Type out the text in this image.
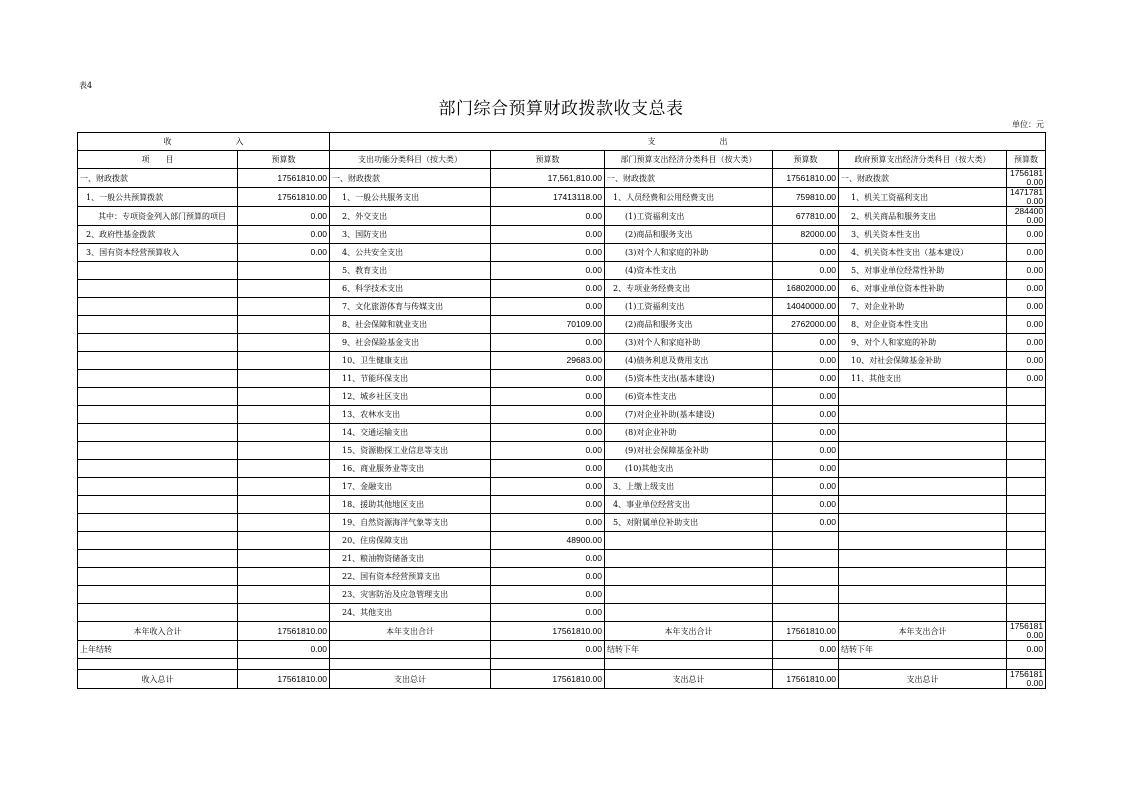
表4
部门综合预算财政拨款收支总表
单位：元
收　　　　　　　　入		支　　　　　　　　出					
项　　目	预算数	支出功能分类科目（按大类）	预算数	部门预算支出经济分类科目（按大类）	预算数	政府预算支出经济分类科目（按大类）	预算数
一、财政拨款	17561810.00	一、财政拨款	17,561,810.00	一、财政拨款	17561810.00	一、财政拨款	17561810.00
1、一般公共预算拨款	17561810.00	1、一般公共服务支出	17413118.00	1、人员经费和公用经费支出	759810.00	1、机关工资福利支出	14717810.00
其中：专项资金列入部门预算的项目	0.00	2、外交支出	0.00	(1)工资福利支出	677810.00	2、机关商品和服务支出	2844000.00
2、政府性基金拨款	0.00	3、国防支出	0.00	(2)商品和服务支出	82000.00	3、机关资本性支出	0.00
3、国有资本经营预算收入	0.00	4、公共安全支出	0.00	(3)对个人和家庭的补助	0.00	4、机关资本性支出（基本建设）	0.00
		5、教育支出	0.00	(4)资本性支出	0.00	5、对事业单位经常性补助	0.00
		6、科学技术支出	0.00	2、专项业务经费支出	16802000.00	6、对事业单位资本性补助	0.00
		7、文化旅游体育与传媒支出	0.00	(1)工资福利支出	14040000.00	7、对企业补助	0.00
		8、社会保障和就业支出	70109.00	(2)商品和服务支出	2762000.00	8、对企业资本性支出	0.00
		9、社会保险基金支出	0.00	(3)对个人和家庭补助	0.00	9、对个人和家庭的补助	0.00
		10、卫生健康支出	29683.00	(4)债务利息及费用支出	0.00	10、对社会保障基金补助	0.00
		11、节能环保支出	0.00	(5)资本性支出(基本建设)	0.00	11、其他支出	0.00
		12、城乡社区支出	0.00	(6)资本性支出	0.00		
		13、农林水支出	0.00	(7)对企业补助(基本建设)	0.00		
		14、交通运输支出	0.00	(8)对企业补助	0.00		
		15、资源勘探工业信息等支出	0.00	(9)对社会保障基金补助	0.00		
		16、商业服务业等支出	0.00	(10)其他支出	0.00		
		17、金融支出	0.00	3、上缴上级支出	0.00		
		18、援助其他地区支出	0.00	4、事业单位经营支出	0.00		
		19、自然资源海洋气象等支出	0.00	5、对附属单位补助支出	0.00		
		20、住房保障支出	48900.00				
		21、粮油物资储备支出	0.00				
		22、国有资本经营预算支出	0.00				
		23、灾害防治及应急管理支出	0.00				
		24、其他支出	0.00				
本年收入合计	17561810.00	本年支出合计	17561810.00	本年支出合计	17561810.00	本年支出合计	17561810.00
上年结转	0.00		0.00	结转下年	0.00	结转下年	0.00

收入总计	17561810.00	支出总计	17561810.00	支出总计	17561810.00	支出总计	17561810.00
